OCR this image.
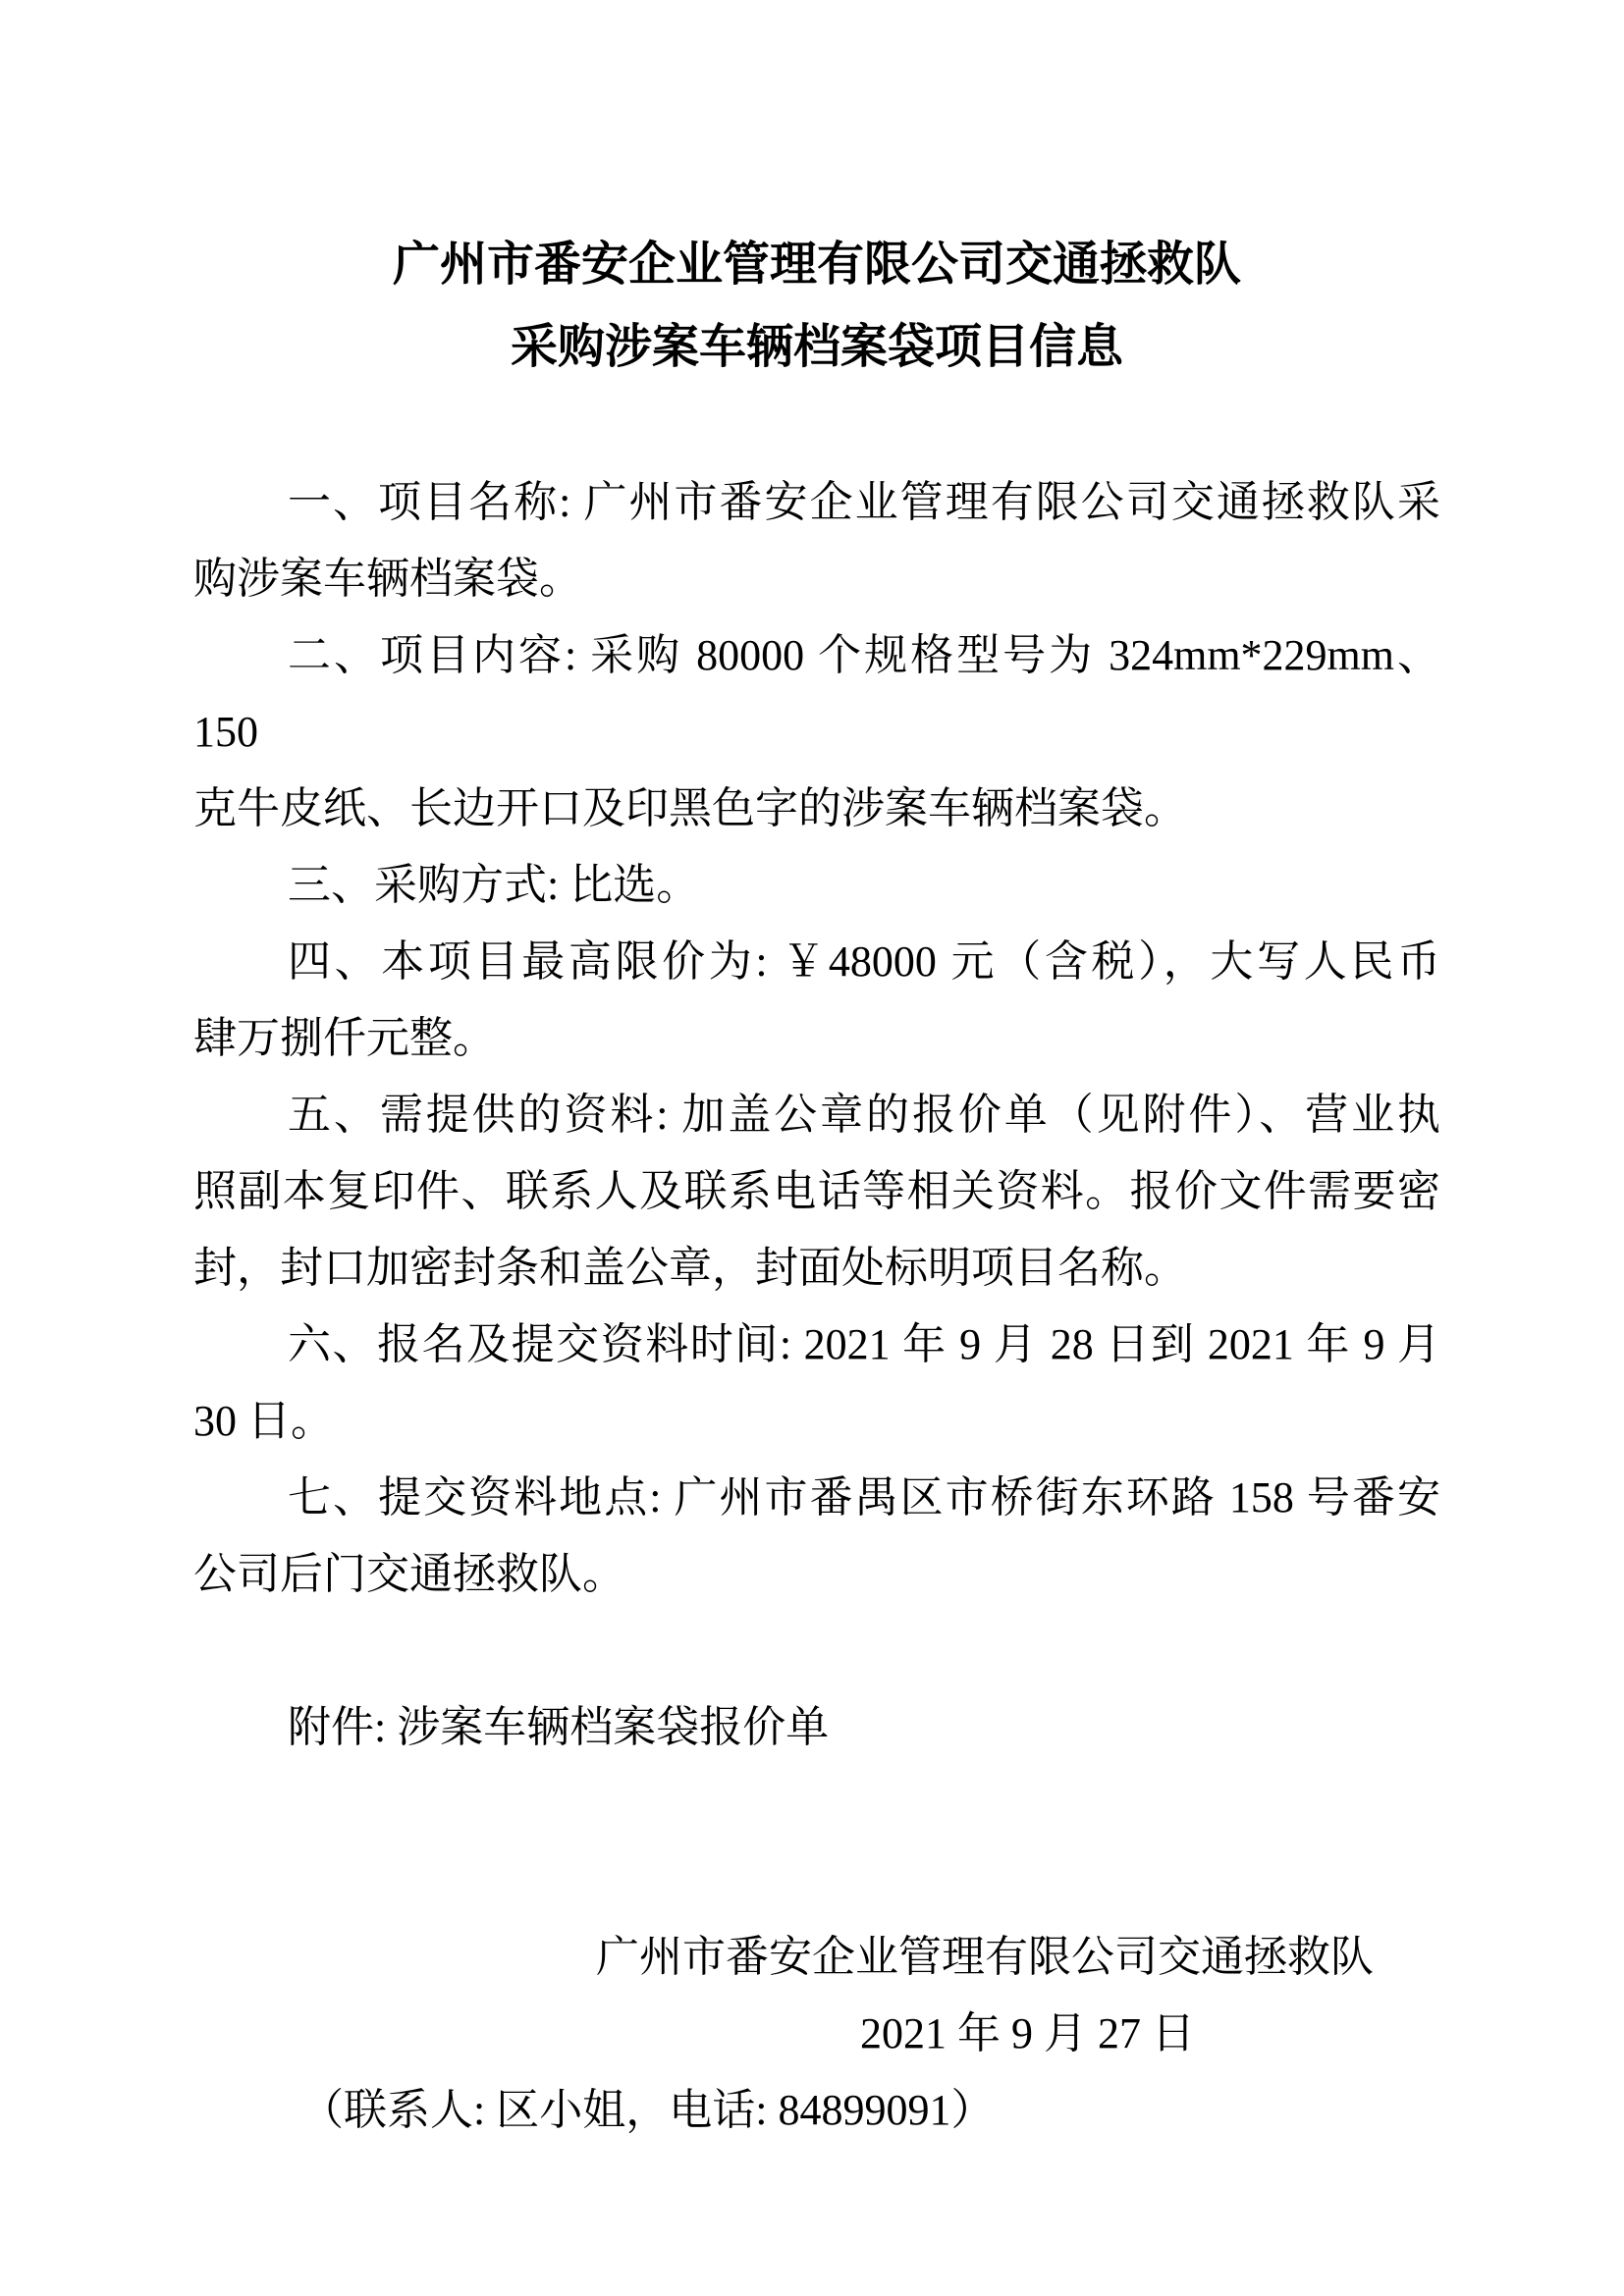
广州市番安企业管理有限公司交通拯救队
采购涉案车辆档案袋项目信息
一、项目名称: 广州市番安企业管理有限公司交通拯救队采
购涉案车辆档案袋。
二、项目内容: 采购 80000 个规格型号为 324mm*229mm、150
克牛皮纸、长边开口及印黑色字的涉案车辆档案袋。
三、采购方式: 比选。
四、本项目最高限价为: ￥48000 元（含税），大写人民币
肆万捌仟元整。
五、需提供的资料: 加盖公章的报价单（见附件）、营业执
照副本复印件、联系人及联系电话等相关资料。报价文件需要密
封，封口加密封条和盖公章，封面处标明项目名称。
六、报名及提交资料时间: 2021 年 9 月 28 日到 2021 年 9 月
30 日。
七、提交资料地点: 广州市番禺区市桥街东环路 158 号番安
公司后门交通拯救队。
附件: 涉案车辆档案袋报价单
广州市番安企业管理有限公司交通拯救队
2021 年 9 月 27 日
（联系人: 区小姐，电话: 84899091）
